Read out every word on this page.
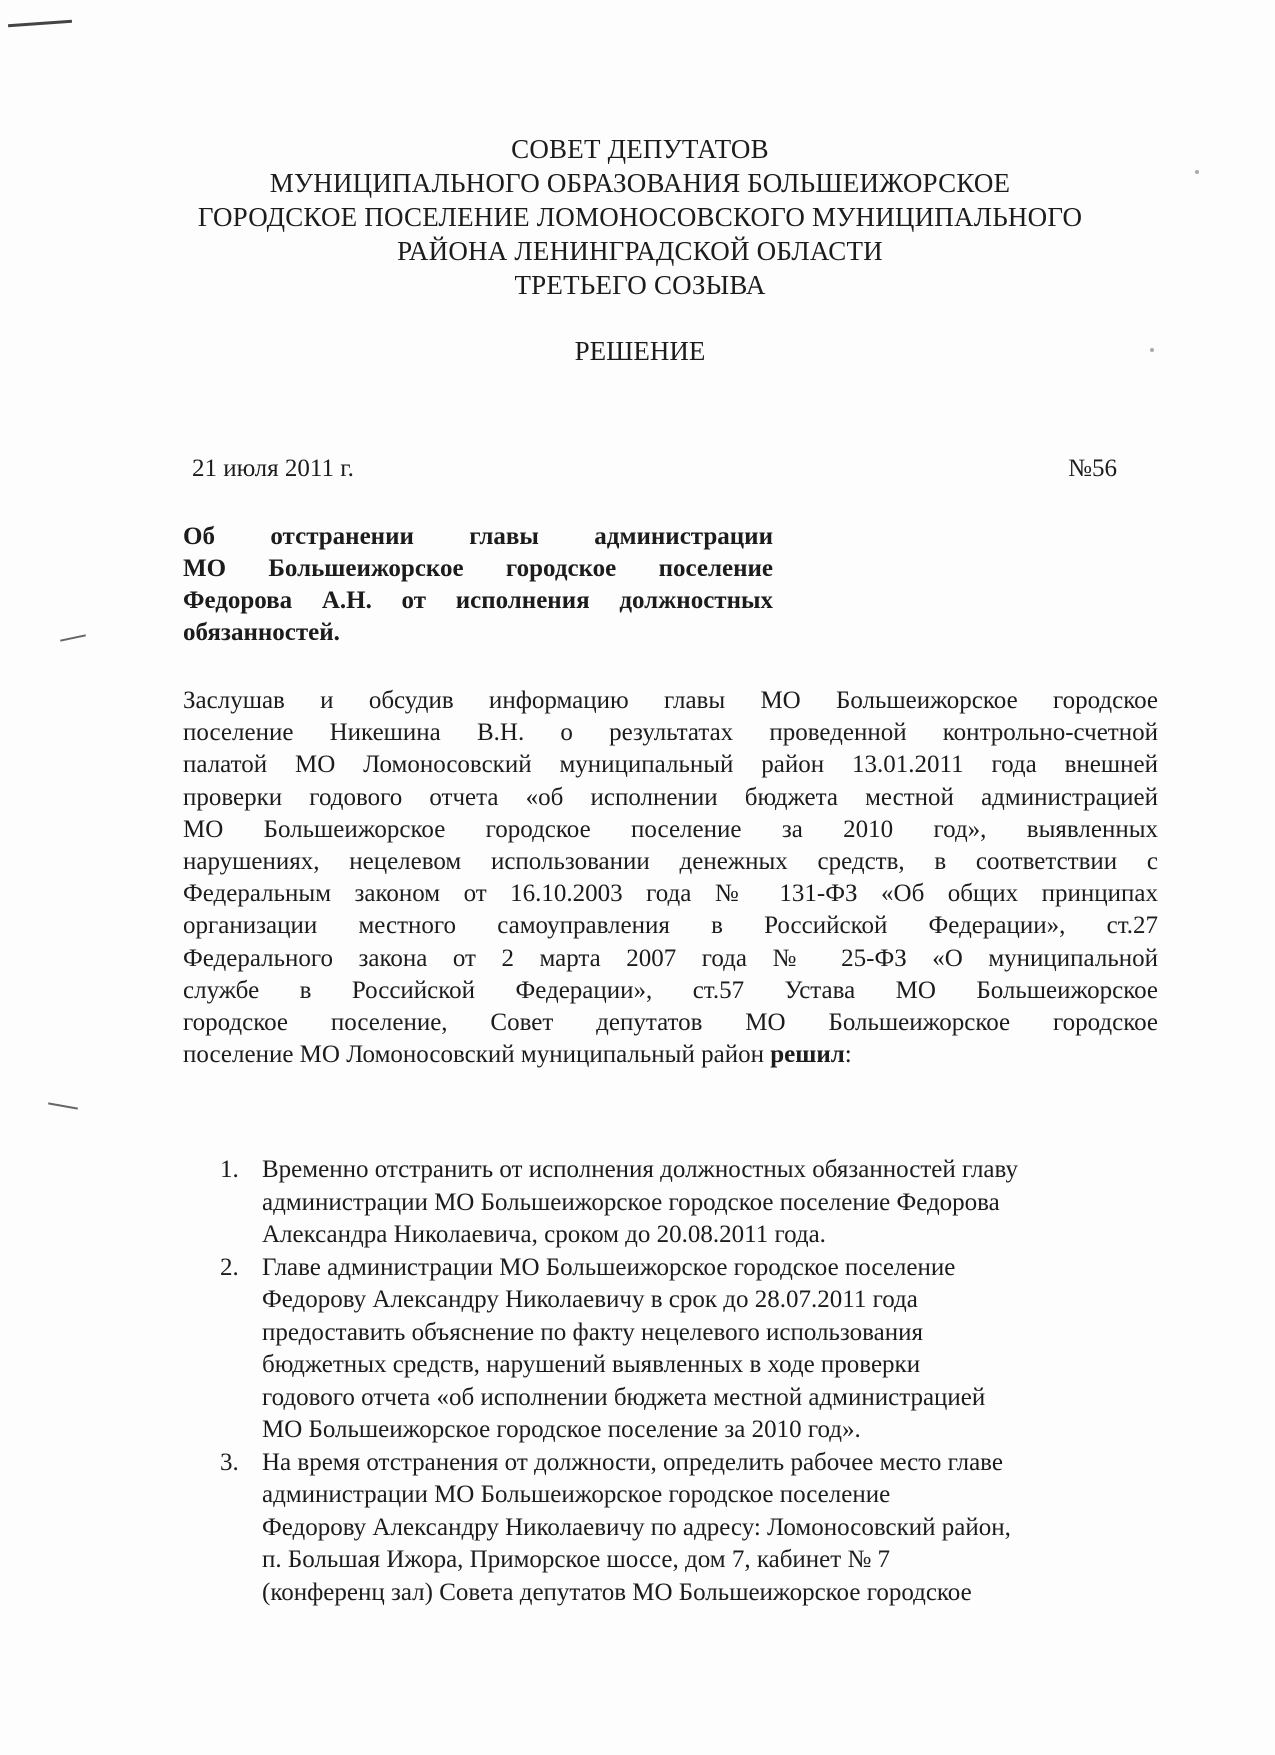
СОВЕТ ДЕПУТАТОВ
МУНИЦИПАЛЬНОГО ОБРАЗОВАНИЯ БОЛЬШЕИЖОРСКОЕ
ГОРОДСКОЕ ПОСЕЛЕНИЕ ЛОМОНОСОВСКОГО МУНИЦИПАЛЬНОГО
РАЙОНА ЛЕНИНГРАДСКОЙ ОБЛАСТИ
ТРЕТЬЕГО СОЗЫВА
РЕШЕНИЕ
21 июля 2011 г.	№56
Об отстранении главы администрации
МО Большеижорское городское поселение
Федорова А.Н. от исполнения должностных
обязанностей.
Заслушав и обсудив информацию главы МО Большеижорское городское
поселение Никешина В.Н. о результатах проведенной контрольно-счетной
палатой МО Ломоносовский муниципальный район 13.01.2011 года внешней
проверки годового отчета «об исполнении бюджета местной администрацией
МО Большеижорское городское поселение за 2010 год», выявленных
нарушениях, нецелевом использовании денежных средств, в соответствии с
Федеральным законом от 16.10.2003 года № 131-ФЗ «Об общих принципах
организации местного самоуправления в Российской Федерации», ст.27
Федерального закона от 2 марта 2007 года № 25-ФЗ «О муниципальной
службе в Российской Федерации», ст.57 Устава МО Большеижорское
городское поселение, Совет депутатов МО Большеижорское городское
поселение МО Ломоносовский муниципальный район решил:
1. Временно отстранить от исполнения должностных обязанностей главу
администрации МО Большеижорское городское поселение Федорова
Александра Николаевича, сроком до 20.08.2011 года.
2. Главе администрации МО Большеижорское городское поселение
Федорову Александру Николаевичу в срок до 28.07.2011 года
предоставить объяснение по факту нецелевого использования
бюджетных средств, нарушений выявленных в ходе проверки
годового отчета «об исполнении бюджета местной администрацией
МО Большеижорское городское поселение за 2010 год».
3. На время отстранения от должности, определить рабочее место главе
администрации МО Большеижорское городское поселение
Федорову Александру Николаевичу по адресу: Ломоносовский район,
п. Большая Ижора, Приморское шоссе, дом 7, кабинет № 7
(конференц зал) Совета депутатов МО Большеижорское городское
